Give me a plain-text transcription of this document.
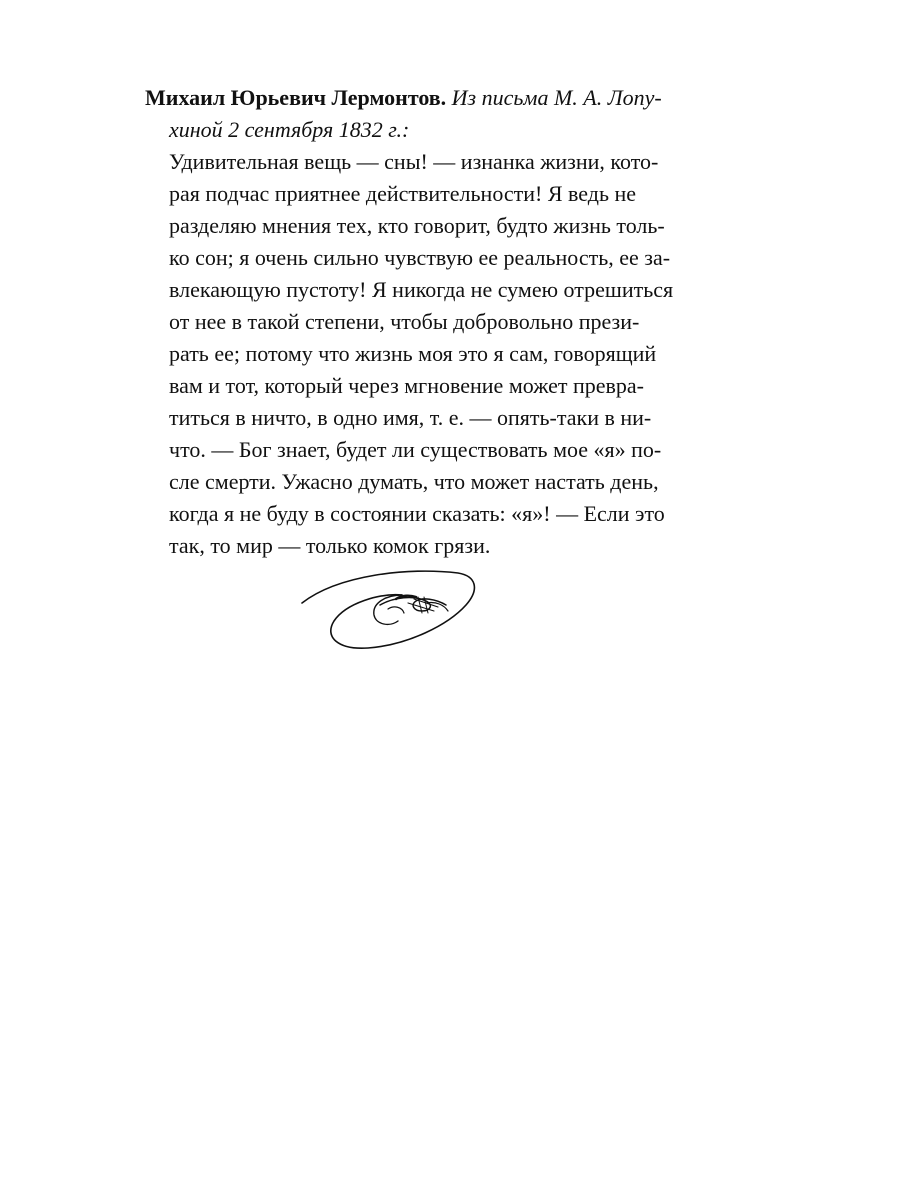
Михаил Юрьевич Лермонтов. Из письма М. А. Лопу-
хиной 2 сентября 1832 г.:
Удивительная вещь — сны! — изнанка жизни, кото-
рая подчас приятнее действительности! Я ведь не
разделяю мнения тех, кто говорит, будто жизнь толь-
ко сон; я очень сильно чувствую ее реальность, ее за-
влекающую пустоту! Я никогда не сумею отрешиться
от нее в такой степени, чтобы добровольно прези-
рать ее; потому что жизнь моя это я сам, говорящий
вам и тот, который через мгновение может превра-
титься в ничто, в одно имя, т. е. — опять-таки в ни-
что. — Бог знает, будет ли существовать мое «я» по-
сле смерти. Ужасно думать, что может настать день,
когда я не буду в состоянии сказать: «я»! — Если это
так, то мир — только комок грязи.
